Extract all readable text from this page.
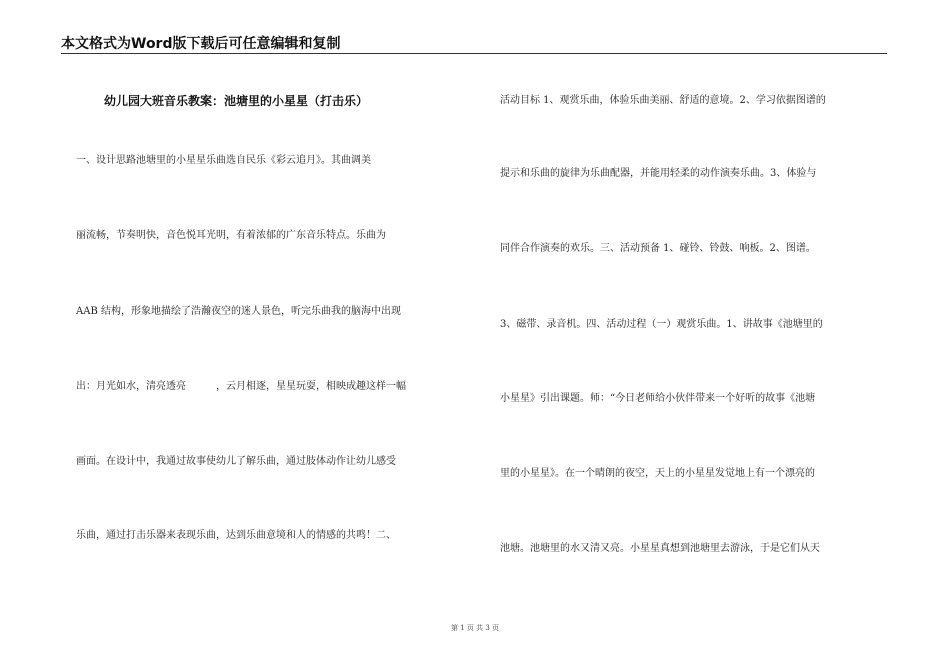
本文格式为Word版下载后可任意编辑和复制
幼儿园大班音乐教案：池塘里的小星星（打击乐）
一、设计思路池塘里的小星星乐曲选自民乐《彩云追月》。其曲调美
丽流畅，节奏明快，音色悦耳光明，有着浓郁的广东音乐特点。乐曲为
AAB 结构，形象地描绘了浩瀚夜空的迷人景色，听完乐曲我的脑海中出现
出：月光如水，清亮透亮　　　，云月相逐，星星玩耍，相映成趣这样一幅
画面。在设计中，我通过故事使幼儿了解乐曲，通过肢体动作让幼儿感受
乐曲，通过打击乐器来表现乐曲，达到乐曲意境和人的情感的共鸣！二、
活动目标 1、观赏乐曲，体验乐曲美丽、舒适的意境。2、学习依据图谱的
提示和乐曲的旋律为乐曲配器，并能用轻柔的动作演奏乐曲。3、体验与
同伴合作演奏的欢乐。三、活动预备 1、碰铃、铃鼓、响板。2、图谱。
3、磁带、录音机。四、活动过程（一）观赏乐曲。1、讲故事《池塘里的
小星星》引出课题。师：“今日老师给小伙伴带来一个好听的故事《池塘
里的小星星》。在一个晴朗的夜空，天上的小星星发觉地上有一个漂亮的
池塘。池塘里的水又清又亮。小星星真想到池塘里去游泳，于是它们从天
第 1 页 共 3 页
